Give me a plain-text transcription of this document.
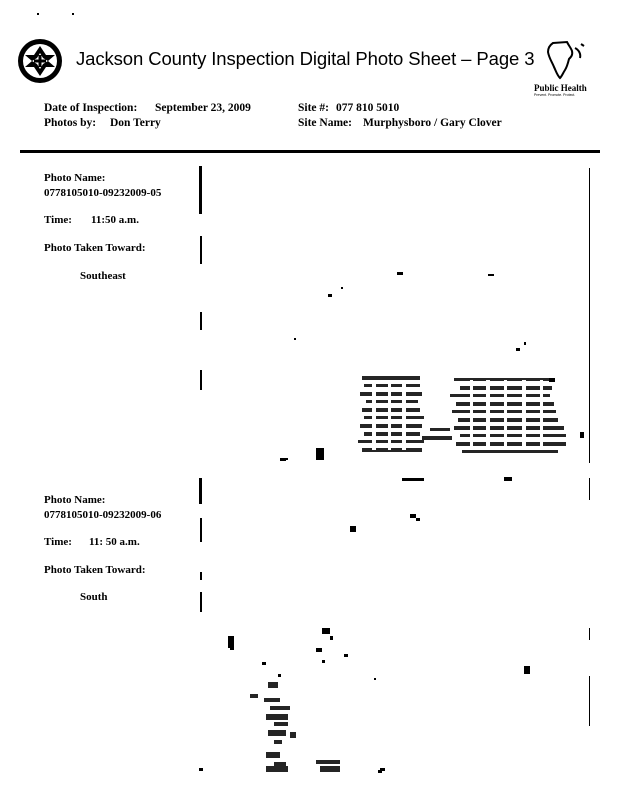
Jackson County Inspection Digital Photo Sheet – Page 3
Public Health
Prevent. Promote. Protect.
Date of Inspection: September 23, 2009
Photos by: Don Terry
Site #: 077 810 5010
Site Name: Murphysboro / Gary Clover
Photo Name:
0778105010-09232009-05
Time: 11:50 a.m.
Photo Taken Toward:
Southeast
Photo Name:
0778105010-09232009-06
Time: 11: 50 a.m.
Photo Taken Toward:
South
